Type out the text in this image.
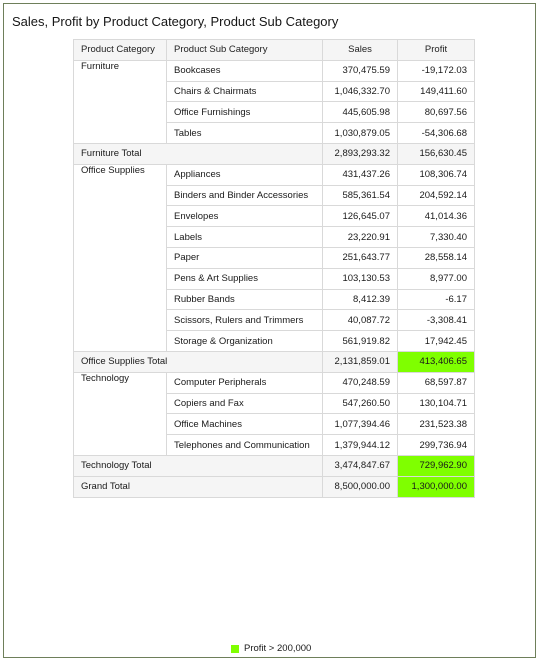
Sales, Profit by Product Category, Product Sub Category
Product Category	Product Sub Category	Sales	Profit
Furniture	Bookcases	370,475.59	-19,172.03
	Chairs & Chairmats	1,046,332.70	149,411.60
	Office Furnishings	445,605.98	80,697.56
	Tables	1,030,879.05	-54,306.68
Furniture Total		2,893,293.32	156,630.45
Office Supplies	Appliances	431,437.26	108,306.74
	Binders and Binder Accessories	585,361.54	204,592.14
	Envelopes	126,645.07	41,014.36
	Labels	23,220.91	7,330.40
	Paper	251,643.77	28,558.14
	Pens & Art Supplies	103,130.53	8,977.00
	Rubber Bands	8,412.39	-6.17
	Scissors, Rulers and Trimmers	40,087.72	-3,308.41
	Storage & Organization	561,919.82	17,942.45
Office Supplies Total		2,131,859.01	413,406.65
Technology	Computer Peripherals	470,248.59	68,597.87
	Copiers and Fax	547,260.50	130,104.71
	Office Machines	1,077,394.46	231,523.38
	Telephones and Communication	1,379,944.12	299,736.94
Technology Total		3,474,847.67	729,962.90
Grand Total		8,500,000.00	1,300,000.00
Profit > 200,000
